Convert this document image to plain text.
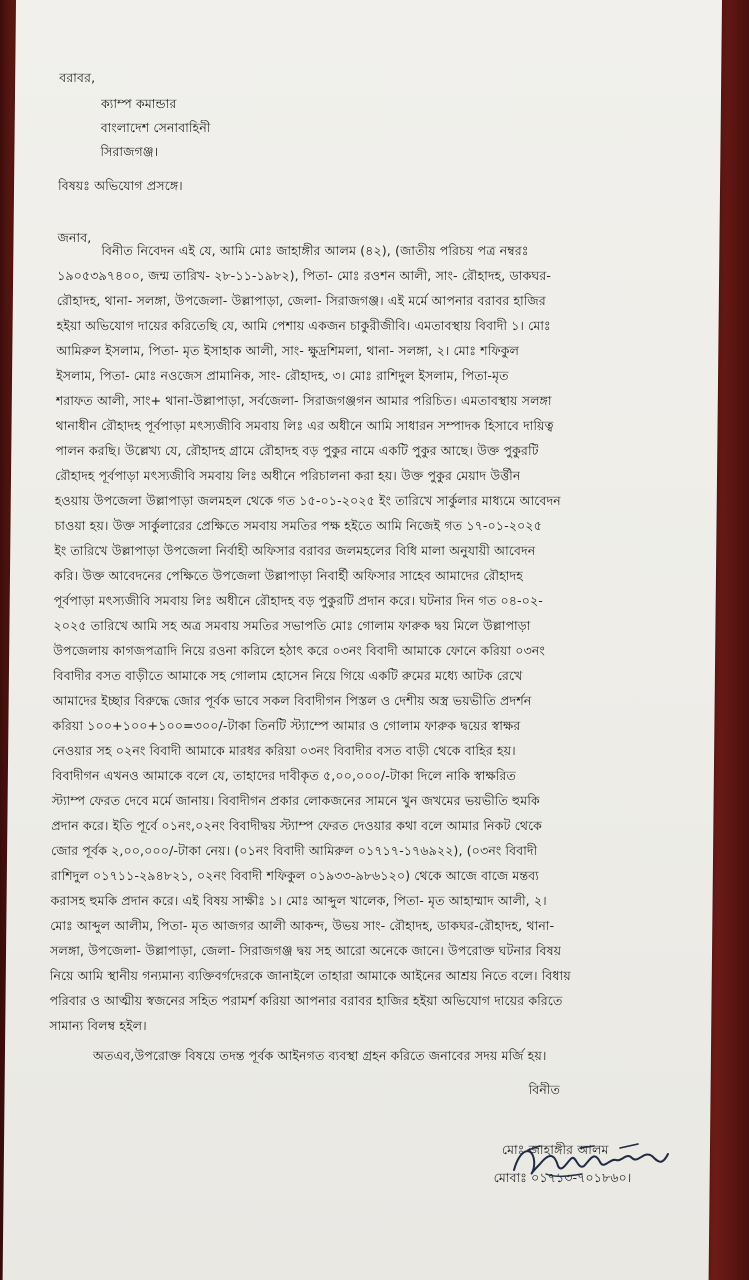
বরাবর,
ক্যাম্প কমান্ডার
বাংলাদেশ সেনাবাহিনী
সিরাজগঞ্জ।
বিষয়ঃ অভিযোগ প্রসঙ্গে।
জনাব,
বিনীত নিবেদন এই যে, আমি মোঃ জাহাঙ্গীর আলম (৪২), (জাতীয় পরিচয় পত্র নম্বরঃ
১৯০৫৩৯৭৪০০, জন্ম তারিখ- ২৮-১১-১৯৮২), পিতা- মোঃ রওশন আলী, সাং- রৌহাদহ, ডাকঘর-
রৌহাদহ, থানা- সলঙ্গা, উপজেলা- উল্লাপাড়া, জেলা- সিরাজগঞ্জ। এই মর্মে আপনার বরাবর হাজির
হইয়া অভিযোগ দায়ের করিতেছি যে, আমি পেশায় একজন চাকুরীজীবি। এমতাবস্থায় বিবাদী ১। মোঃ
আমিরুল ইসলাম, পিতা- মৃত ইসাহাক আলী, সাং- ক্ষুদ্রশিমলা, থানা- সলঙ্গা, ২। মোঃ শফিকুল
ইসলাম, পিতা- মোঃ নওজেস প্রামানিক, সাং- রৌহাদহ, ৩। মোঃ রাশিদুল ইসলাম, পিতা-মৃত
শরাফত আলী, সাং+ থানা-উল্লাপাড়া, সর্বজেলা- সিরাজগঞ্জগন আমার পরিচিত। এমতাবস্থায় সলঙ্গা
থানাধীন রৌহাদহ পূর্বপাড়া মৎস্যজীবি সমবায় লিঃ এর অধীনে আমি সাধারন সম্পাদক হিসাবে দায়িত্ব
পালন করছি। উল্লেখ্য যে, রৌহাদহ গ্রামে রৌহাদহ বড় পুকুর নামে একটি পুকুর আছে। উক্ত পুকুরটি
রৌহাদহ পূর্বপাড়া মৎস্যজীবি সমবায় লিঃ অধীনে পরিচালনা করা হয়। উক্ত পুকুর মেয়াদ উর্ত্তীন
হওয়ায় উপজেলা উল্লাপাড়া জলমহল থেকে গত ১৫-০১-২০২৫ ইং তারিখে সার্কুলার মাধ্যমে আবেদন
চাওয়া হয়। উক্ত সার্কুলারের প্রেক্ষিতে সমবায় সমতির পক্ষ হইতে আমি নিজেই গত ১৭-০১-২০২৫
ইং তারিখে উল্লাপাড়া উপজেলা নির্বাহী অফিসার বরাবর জলমহলের বিধি মালা অনুযায়ী আবেদন
করি। উক্ত আবেদনের পেক্ষিতে উপজেলা উল্লাপাড়া নিবার্হী অফিসার সাহেব আমাদের রৌহাদহ
পূর্বপাড়া মৎস্যজীবি সমবায় লিঃ অধীনে রৌহাদহ বড় পুকুরটি প্রদান করে। ঘটনার দিন গত ০৪-০২-
২০২৫ তারিখে আমি সহ অত্র সমবায় সমতির সভাপতি মোঃ গোলাম ফারুক দ্বয় মিলে উল্লাপাড়া
উপজেলায় কাগজপত্রাদি নিয়ে রওনা করিলে হঠাৎ করে ০৩নং বিবাদী আমাকে ফোনে করিয়া ০৩নং
বিবাদীর বসত বাড়ীতে আমাকে সহ গোলাম হোসেন নিয়ে গিয়ে একটি রুমের মধ্যে আটক রেখে
আমাদের ইচ্ছার বিরুদ্ধে জোর পূর্বক ভাবে সকল বিবাদীগন পিস্তল ও দেশীয় অস্ত্র ভয়ভীতি প্রদর্শন
করিয়া ১০০+১০০+১০০=৩০০/-টাকা তিনটি স্ট্যাম্পে আমার ও গোলাম ফারুক দ্বয়ের স্বাক্ষর
নেওয়ার সহ ০২নং বিবাদী আমাকে মারধর করিয়া ০৩নং বিবাদীর বসত বাড়ী থেকে বাহির হয়।
বিবাদীগন এখনও আমাকে বলে যে, তাহাদের দাবীকৃত ৫,০০,০০০/-টাকা দিলে নাকি স্বাক্ষরিত
স্ট্যাম্প ফেরত দেবে মর্মে জানায়। বিবাদীগন প্রকার লোকজনের সামনে খুন জখমের ভয়ভীতি হুমকি
প্রদান করে। ইতি পূর্বে ০১নং,০২নং বিবাদীদ্বয় স্ট্যাম্প ফেরত দেওয়ার কথা বলে আমার নিকট থেকে
জোর পূর্বক ২,০০,০০০/-টাকা নেয়। (০১নং বিবাদী আমিরুল ০১৭১৭-১৭৬৯২২), (০৩নং বিবাদী
রাশিদুল ০১৭১১-২৯৪৮২১, ০২নং বিবাদী শফিকুল ০১৯৩৩-৯৮৬১২০) থেকে আজে বাজে মন্তব্য
করাসহ হুমকি প্রদান করে। এই বিষয় সাক্ষীঃ ১। মোঃ আব্দুল খালেক, পিতা- মৃত আহাম্মাদ আলী, ২।
মোঃ আব্দুল আলীম, পিতা- মৃত আজগর আলী আকন্দ, উভয় সাং- রৌহাদহ, ডাকঘর-রৌহাদহ, থানা-
সলঙ্গা, উপজেলা- উল্লাপাড়া, জেলা- সিরাজগঞ্জ দ্বয় সহ আরো অনেকে জানে। উপরোক্ত ঘটনার বিষয়
নিয়ে আমি স্থানীয় গন্যমান্য ব্যক্তিবর্গদেরকে জানাইলে তাহারা আমাকে আইনের আশ্রয় নিতে বলে। বিধায়
পরিবার ও আত্মীয় স্বজনের সহিত পরামর্শ করিয়া আপনার বরাবর হাজির হইয়া অভিযোগ দায়ের করিতে
সামান্য বিলম্ব হইল।
অতএব,উপরোক্ত বিষয়ে তদন্ত পূর্বক আইনগত ব্যবস্থা গ্রহন করিতে জনাবের সদয় মর্জি হয়।
বিনীত
মোঃ জাহাঙ্গীর আলম
মোবাঃ ০১৭১৩-৭০১৮৬০।
